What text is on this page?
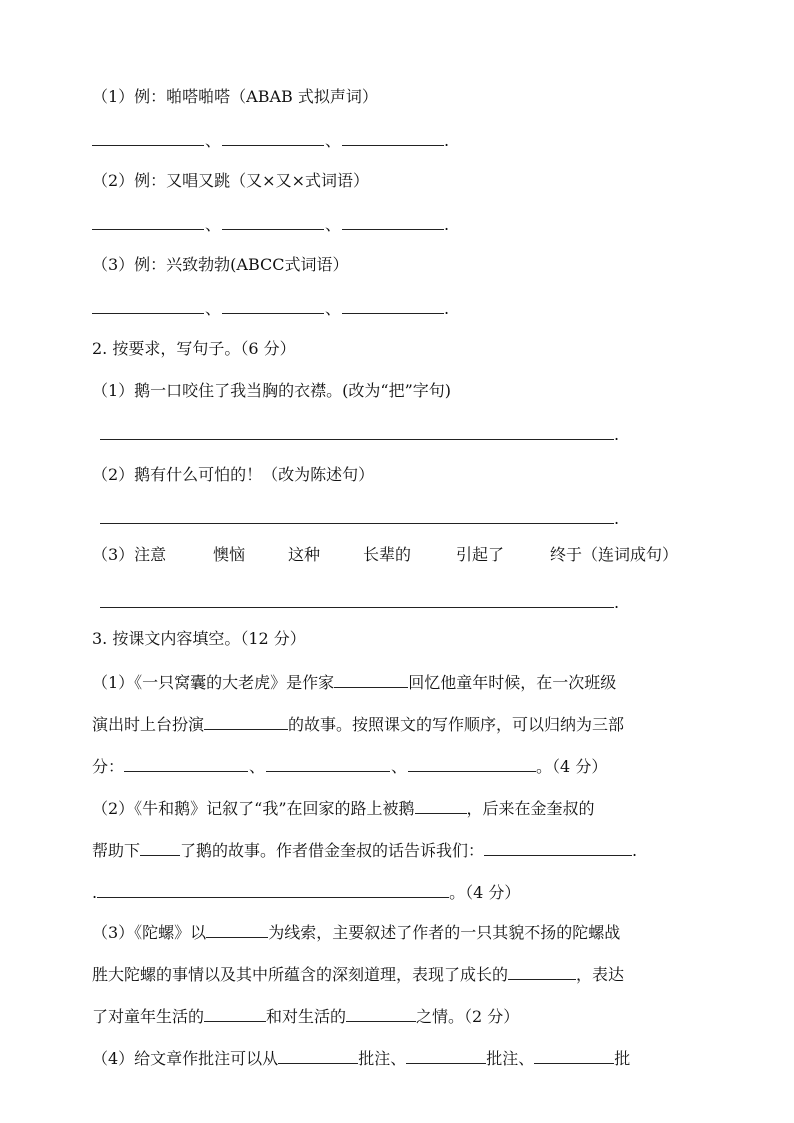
（1）例：啪嗒啪嗒（ABAB 式拟声词）
、	、	.
（2）例：又唱又跳（又×又×式词语）
、	、	.
（3）例：兴致勃勃(ABCC式词语）
、	、	.
2. 按要求，写句子。（6 分）
（1）鹅一口咬住了我当胸的衣襟。(改为“把”字句)
.
（2）鹅有什么可怕的！（改为陈述句）
.
（3）注意	懊恼	这种	长辈的	引起了	终于（连词成句）
.
3. 按课文内容填空。（12 分）
（1）《一只窝囊的大老虎》是作家	回忆他童年时候，在一次班级
演出时上台扮演	的故事。按照课文的写作顺序，可以归纳为三部
分：	、	、	。（4 分）
（2）《牛和鹅》记叙了“我”在回家的路上被鹅	，后来在金奎叔的
帮助下	了鹅的故事。作者借金奎叔的话告诉我们：	.
.	。（4 分）
（3）《陀螺》以	为线索，主要叙述了作者的一只其貌不扬的陀螺战
胜大陀螺的事情以及其中所蕴含的深刻道理，表现了成长的	，表达
了对童年生活的	和对生活的	之情。（2 分）
（4）给文章作批注可以从	批注、	批注、	批
